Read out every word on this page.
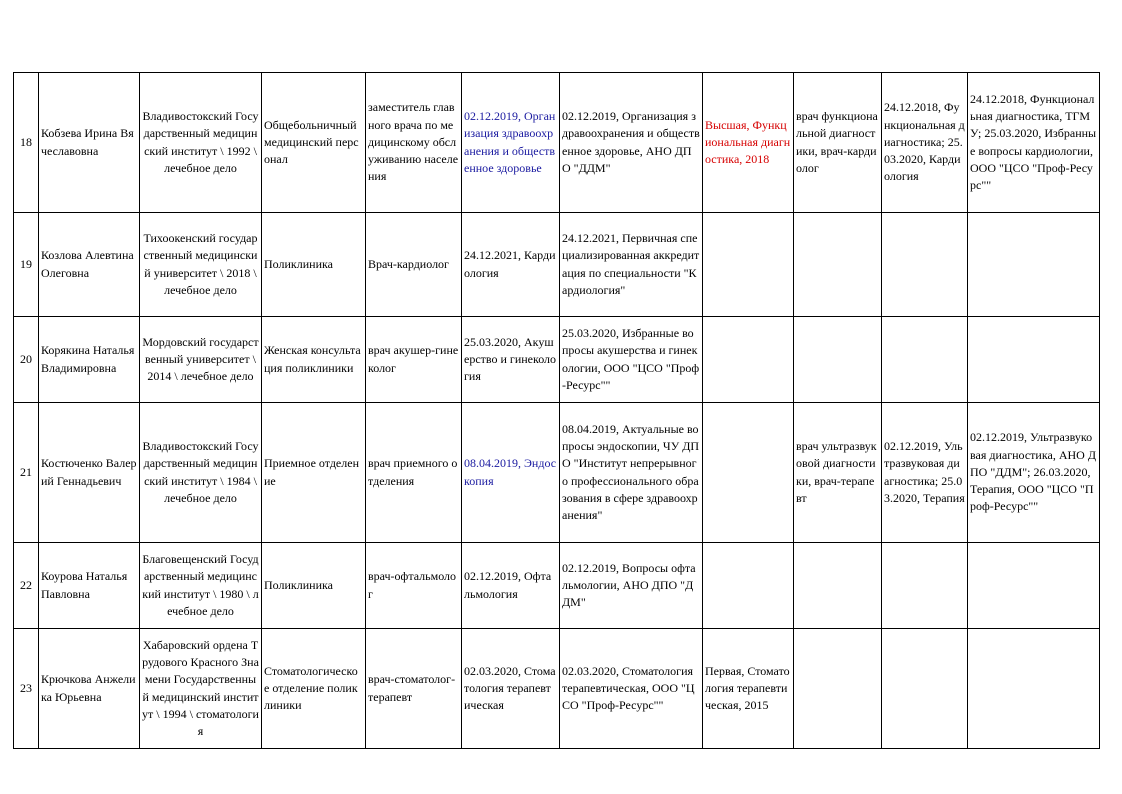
18	Кобзева Ирина Вячеславовна	Владивостокский Государственный медицинский институт \ 1992 \ лечебное дело	Общебольничный медицинский персонал	заместитель главного врача по медицинскому обслуживанию населения	02.12.2019, Организация здравоохранения и общественное здоровье	02.12.2019, Организация здравоохранения и общественное здоровье, АНО ДПО "ДДМ"	Высшая, Функциональная диагностика, 2018	врач функциональной диагностики, врач-кардиолог	24.12.2018, Функциональная диагностика; 25.03.2020, Кардиология	24.12.2018, Функциональная диагностика, ТГМУ; 25.03.2020, Избранные вопросы кардиологии, ООО "ЦСО "Проф-Ресурс""
19	Козлова Алевтина Олеговна	Тихоокенский государственный медицинский университет \ 2018 \ лечебное дело	Поликлиника	Врач-кардиолог	24.12.2021, Кардиология	24.12.2021, Первичная специализированная аккредитация по специальности "Кардиология"				
20	Корякина Наталья Владимировна	Мордовский государственный университет \ 2014 \ лечебное дело	Женская консультация поликлиники	врач акушер-гинеколог	25.03.2020, Акушерство и гинекология	25.03.2020, Избранные вопросы акушерства и гинекологии, ООО "ЦСО "Проф-Ресурс""				
21	Костюченко Валерий Геннадьевич	Владивостокский Государственный медицинский институт \ 1984 \ лечебное дело	Приемное отделение	врач приемного отделения	08.04.2019, Эндоскопия	08.04.2019, Актуальные вопросы эндоскопии, ЧУ ДПО "Институт непрерывного профессионального образования в сфере здравоохранения"		врач ультразвуковой диагностики, врач-терапевт	02.12.2019, Ультразвуковая диагностика; 25.03.2020, Терапия	02.12.2019, Ультразвуковая диагностика, АНО ДПО "ДДМ"; 26.03.2020, Терапия, ООО "ЦСО "Проф-Ресурс""
22	Коурова Наталья Павловна	Благовещенский Государственный медицинский институт \ 1980 \ лечебное дело	Поликлиника	врач-офтальмолог	02.12.2019, Офтальмология	02.12.2019, Вопросы офтальмологии, АНО ДПО "ДДМ"				
23	Крючкова Анжелика Юрьевна	Хабаровский ордена Трудового Красного Знамени Государственный медицинский институт \ 1994 \ стоматология	Стоматологическое отделение поликлиники	врач-стоматолог-терапевт	02.03.2020, Стоматология терапевтическая	02.03.2020, Стоматология терапевтическая, ООО "ЦСО "Проф-Ресурс""	Первая, Стоматология терапевтическая, 2015			
